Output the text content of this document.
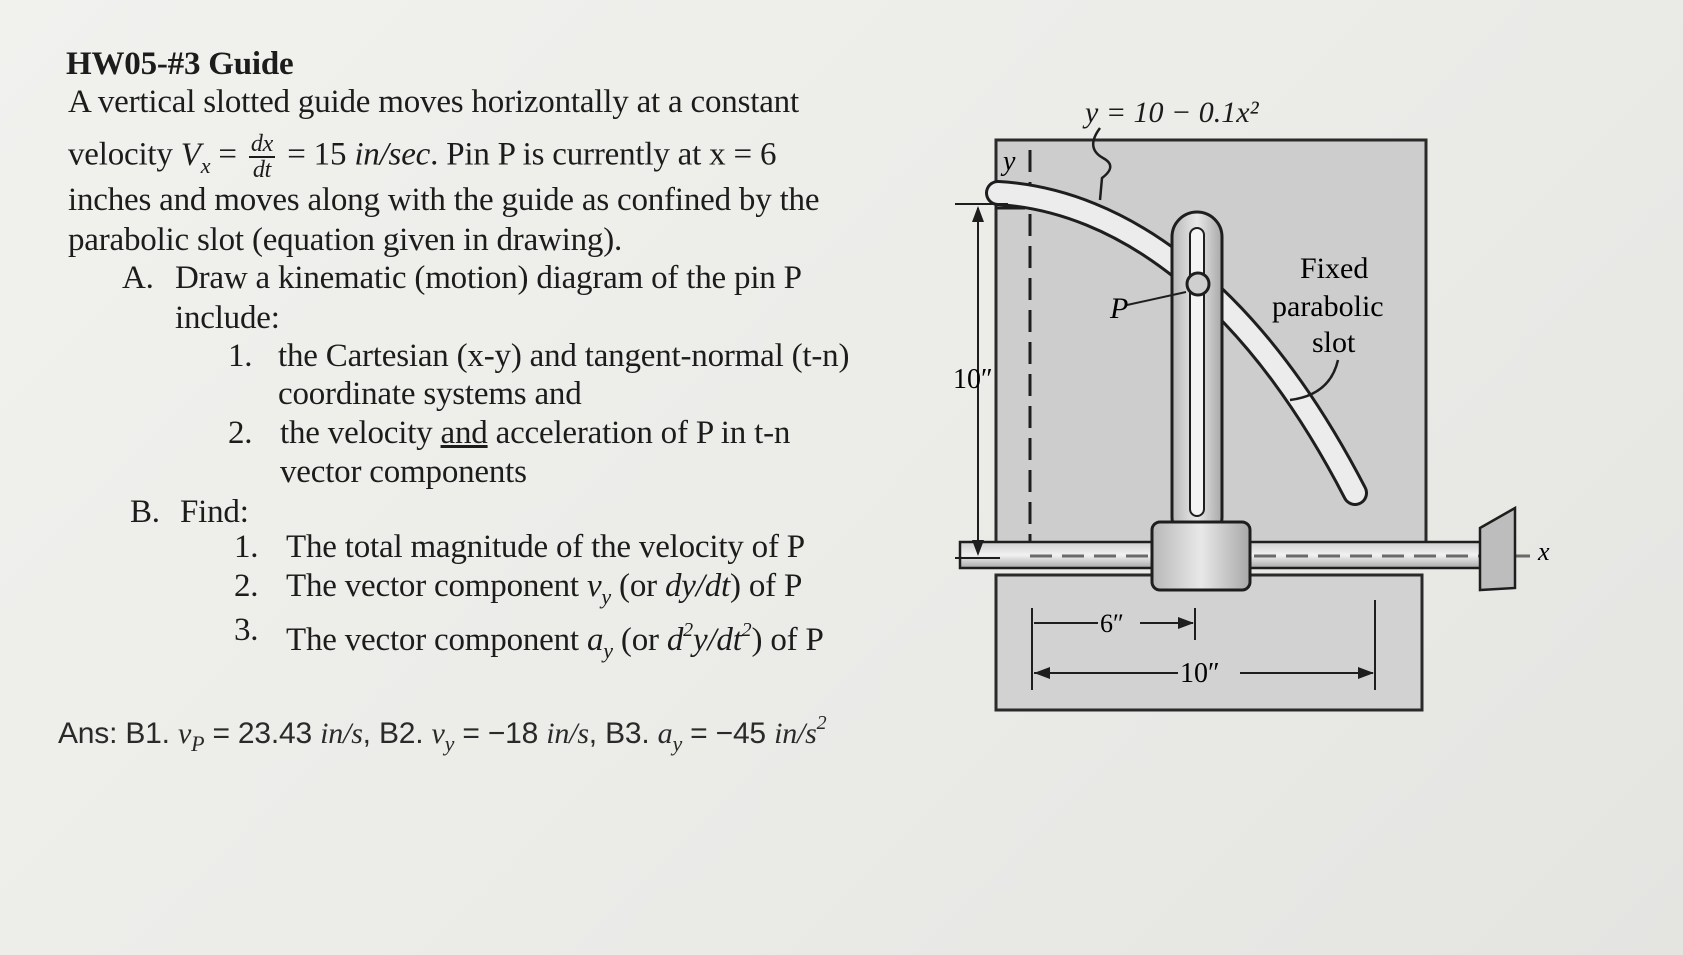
HW05-#3 Guide
A vertical slotted guide moves horizontally at a constant
velocity $V_x = \frac{dx}{dt} = 15$ in/sec. Pin P is currently at x = 6
inches and moves along with the guide as confined by the
parabolic slot (equation given in drawing).
A. Draw a kinematic (motion) diagram of the pin P
include:
1. the Cartesian (x-y) and tangent-normal (t-n)
coordinate systems and
2. the velocity and acceleration of P in t-n
vector components
B. Find:
1. The total magnitude of the velocity of P
2. The vector component $v_y$ (or dy/dt) of P
3. The vector component $a_y$ (or $d^2y/dt^2$) of P
Ans: B1. $v_P = 23.43$ in/s, B2. $v_y = -18$ in/s, B3. $a_y = -45$ $in/s^2$
y = 10 − 0.1x²
y
x
P
Fixed
parabolic
slot
10″
6″
10″
